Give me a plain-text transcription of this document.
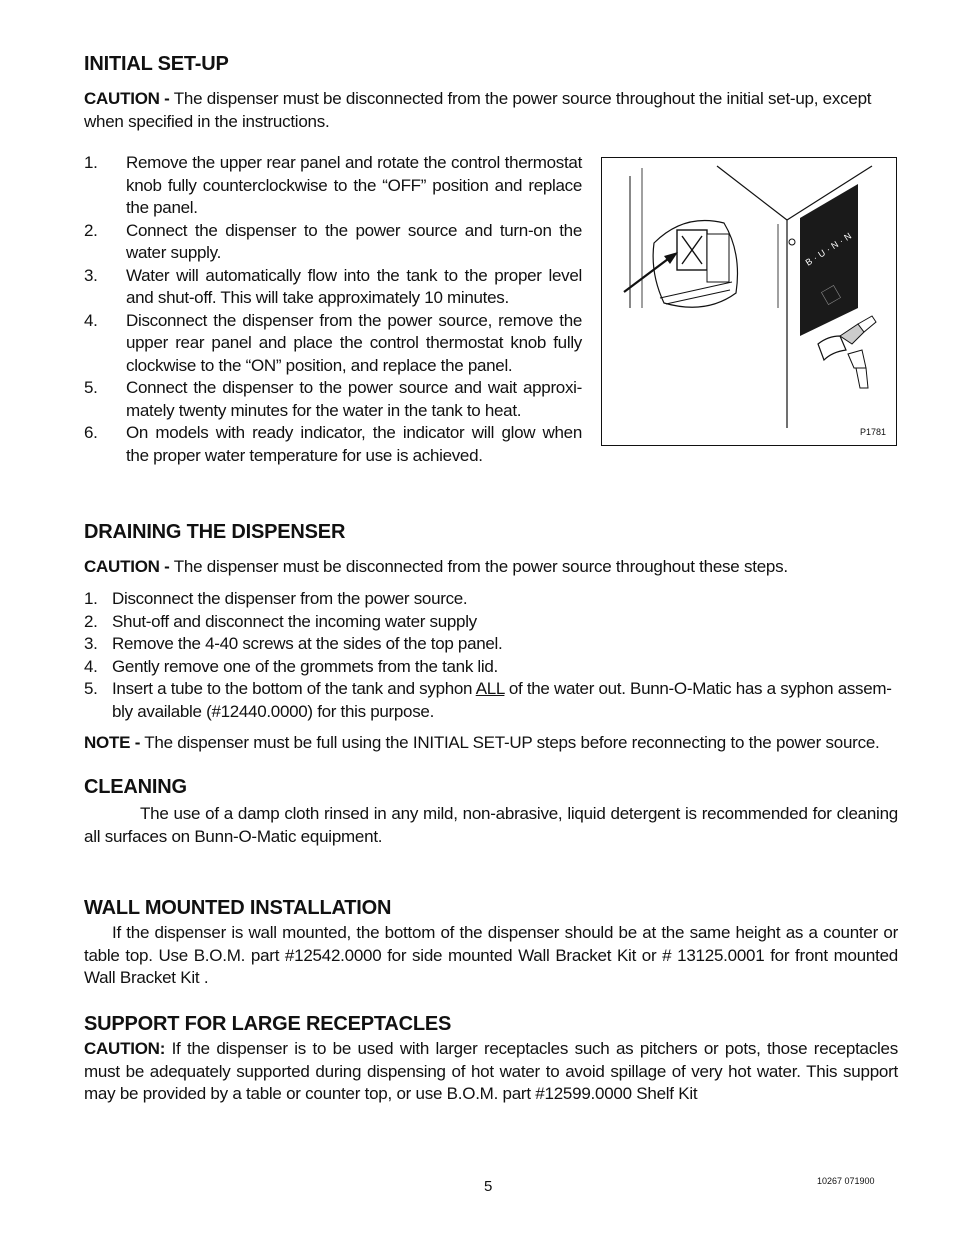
INITIAL SET-UP
CAUTION - The dispenser must be disconnected from the power source throughout the initial set-up, except when specified in the instructions.
1. Remove the upper rear panel and rotate the control thermostat knob fully counterclockwise to the “OFF” position and replace the panel.
2. Connect the dispenser to the power source and turn-on the water supply.
3. Water will automatically flow into the tank to the proper level and shut-off. This will take approximately 10 minutes.
4. Disconnect the dispenser from the power source, remove the upper rear panel and place the control thermostat knob fully clockwise to the “ON” position, and replace the panel.
5. Connect the dispenser to the power source and wait approxi-mately twenty minutes for the water in the tank to heat.
6. On models with ready indicator, the indicator will glow when the proper water temperature for use is achieved.
B·U·N·N
P1781
DRAINING THE DISPENSER
CAUTION - The dispenser must be disconnected from the power source throughout these steps.
1. Disconnect the dispenser from the power source.
2. Shut-off and disconnect the incoming water supply
3. Remove the 4-40 screws at the sides of the top panel.
4. Gently remove one of the grommets from the tank lid.
5. Insert a tube to the bottom of the tank and syphon ALL of the water out. Bunn-O-Matic has a syphon assem-bly available (#12440.0000) for this purpose.
NOTE - The dispenser must be full using the INITIAL SET-UP steps before reconnecting to the power source.
CLEANING
The use of a damp cloth rinsed in any mild, non-abrasive, liquid detergent is recommended for cleaning all surfaces on Bunn-O-Matic equipment.
WALL MOUNTED INSTALLATION
If the dispenser is wall mounted, the bottom of the dispenser should be at the same height as a counter or table top. Use B.O.M. part #12542.0000 for side mounted Wall Bracket Kit or # 13125.0001 for front mounted Wall Bracket Kit .
SUPPORT FOR LARGE RECEPTACLES
CAUTION: If the dispenser is to be used with larger receptacles such as pitchers or pots, those receptacles must be adequately supported during dispensing of hot water to avoid spillage of very hot water. This support may be provided by a table or counter top, or use B.O.M. part #12599.0000 Shelf Kit
5	10267 071900
